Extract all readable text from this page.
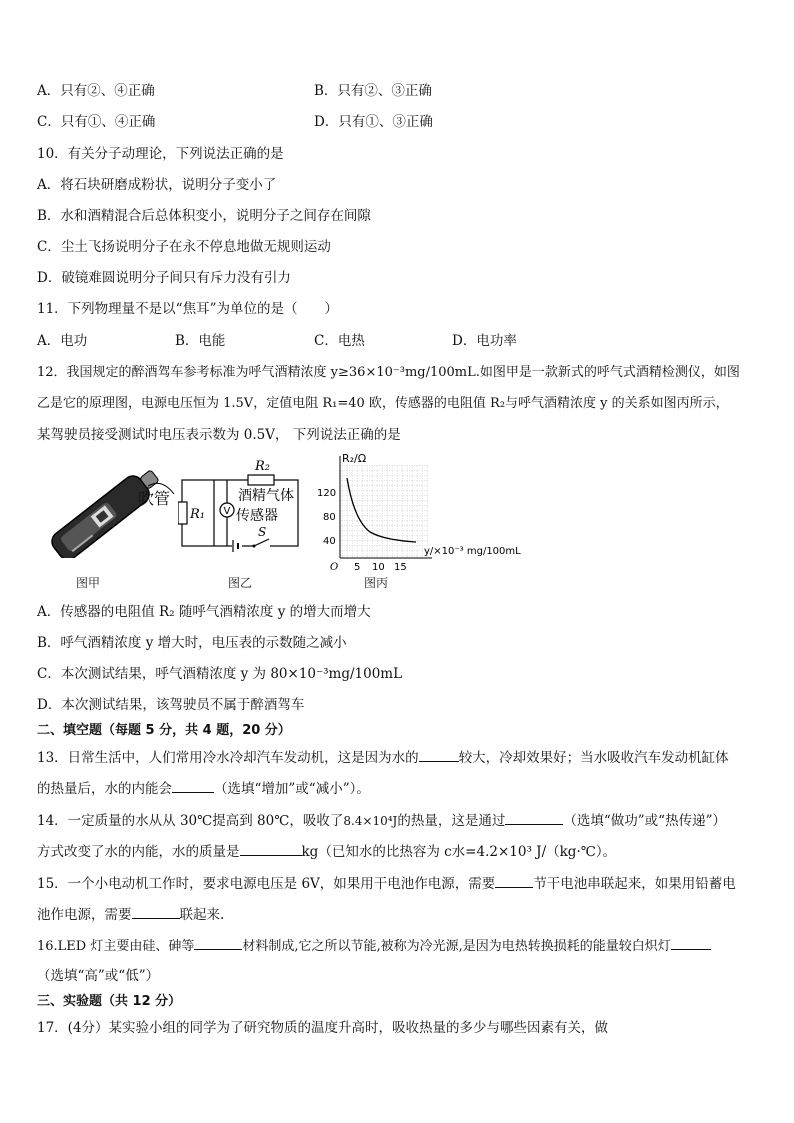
A．只有②、④正确	B．只有②、③正确
C．只有①、④正确	D．只有①、③正确
10．有关分子动理论，下列说法正确的是
A．将石块研磨成粉状，说明分子变小了
B．水和酒精混合后总体积变小，说明分子之间存在间隙
C．尘土飞扬说明分子在永不停息地做无规则运动
D．破镜难圆说明分子间只有斥力没有引力
11．下列物理量不是以“焦耳”为单位的是（　　）
A．电功	B．电能	C．电热	D．电功率
12．我国规定的醉酒驾车参考标准为呼气酒精浓度 y≥36×10⁻³mg/100mL.如图甲是一款新式的呼气式酒精检测仪，如图
乙是它的原理图，电源电压恒为 1.5V，定值电阻 R₁=40 欧，传感器的电阻值 R₂与呼气酒精浓度 y 的关系如图丙所示，
某驾驶员接受测试时电压表示数为 0.5V， 下列说法正确的是
吹管
图甲
V
R₂
R₁
酒精气体
传感器
S
图乙
R₂/Ω
120
80
40
O 5 10 15
y/×10⁻³ mg/100mL
图丙
A．传感器的电阻值 R₂ 随呼气酒精浓度 y 的增大而增大
B．呼气酒精浓度 y 增大时，电压表的示数随之减小
C．本次测试结果，呼气酒精浓度 y 为 80×10⁻³mg/100mL
D．本次测试结果，该驾驶员不属于醉酒驾车
二、填空题（每题 5 分，共 4 题，20 分）
13．日常生活中，人们常用冷水冷却汽车发动机，这是因为水的	较大，冷却效果好；当水吸收汽车发动机缸体
的热量后，水的内能会	（选填“增加”或“减小”）。
14．一定质量的水从从 30℃提高到 80℃，吸收了8.4×10⁴J的热量，这是通过	（选填“做功”或“热传递”）
方式改变了水的内能，水的质量是	kg（已知水的比热容为 c水=4.2×10³ J/（kg·℃）。
15．一个小电动机工作时，要求电源电压是 6V，如果用干电池作电源，需要	节干电池串联起来，如果用铅蓄电
池作电源，需要	联起来.
16.LED 灯主要由硅、砷等	材料制成,它之所以节能,被称为冷光源,是因为电热转换损耗的能量较白炽灯
（选填“高”或“低”）
三、实验题（共 12 分）
17．(4分）某实验小组的同学为了研究物质的温度升高时，吸收热量的多少与哪些因素有关，做
